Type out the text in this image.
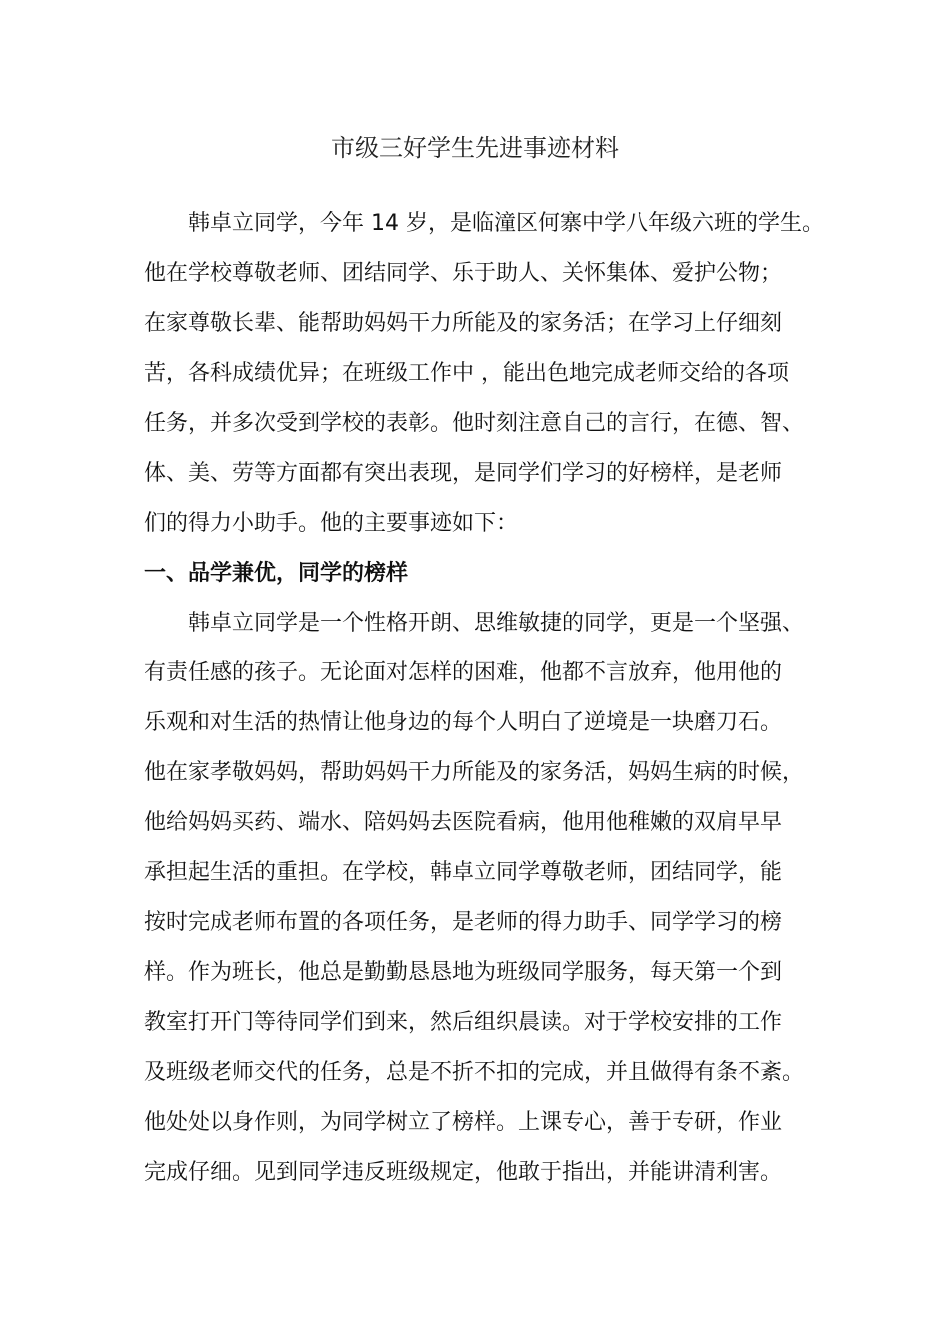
市级三好学生先进事迹材料
韩卓立同学，今年 14 岁，是临潼区何寨中学八年级六班的学生。
他在学校尊敬老师、团结同学、乐于助人、关怀集体、爱护公物；
在家尊敬长辈、能帮助妈妈干力所能及的家务活；在学习上仔细刻
苦，各科成绩优异；在班级工作中 ，能出色地完成老师交给的各项
任务，并多次受到学校的表彰。他时刻注意自己的言行，在德、智、
体、美、劳等方面都有突出表现，是同学们学习的好榜样，是老师
们的得力小助手。他的主要事迹如下：
一、品学兼优，同学的榜样
韩卓立同学是一个性格开朗、思维敏捷的同学，更是一个坚强、
有责任感的孩子。无论面对怎样的困难，他都不言放弃，他用他的
乐观和对生活的热情让他身边的每个人明白了逆境是一块磨刀石。
他在家孝敬妈妈，帮助妈妈干力所能及的家务活，妈妈生病的时候，
他给妈妈买药、端水、陪妈妈去医院看病，他用他稚嫩的双肩早早
承担起生活的重担。在学校，韩卓立同学尊敬老师，团结同学，能
按时完成老师布置的各项任务，是老师的得力助手、同学学习的榜
样。作为班长，他总是勤勤恳恳地为班级同学服务，每天第一个到
教室打开门等待同学们到来，然后组织晨读。对于学校安排的工作
及班级老师交代的任务，总是不折不扣的完成，并且做得有条不紊。
他处处以身作则，为同学树立了榜样。上课专心，善于专研，作业
完成仔细。见到同学违反班级规定，他敢于指出，并能讲清利害。
